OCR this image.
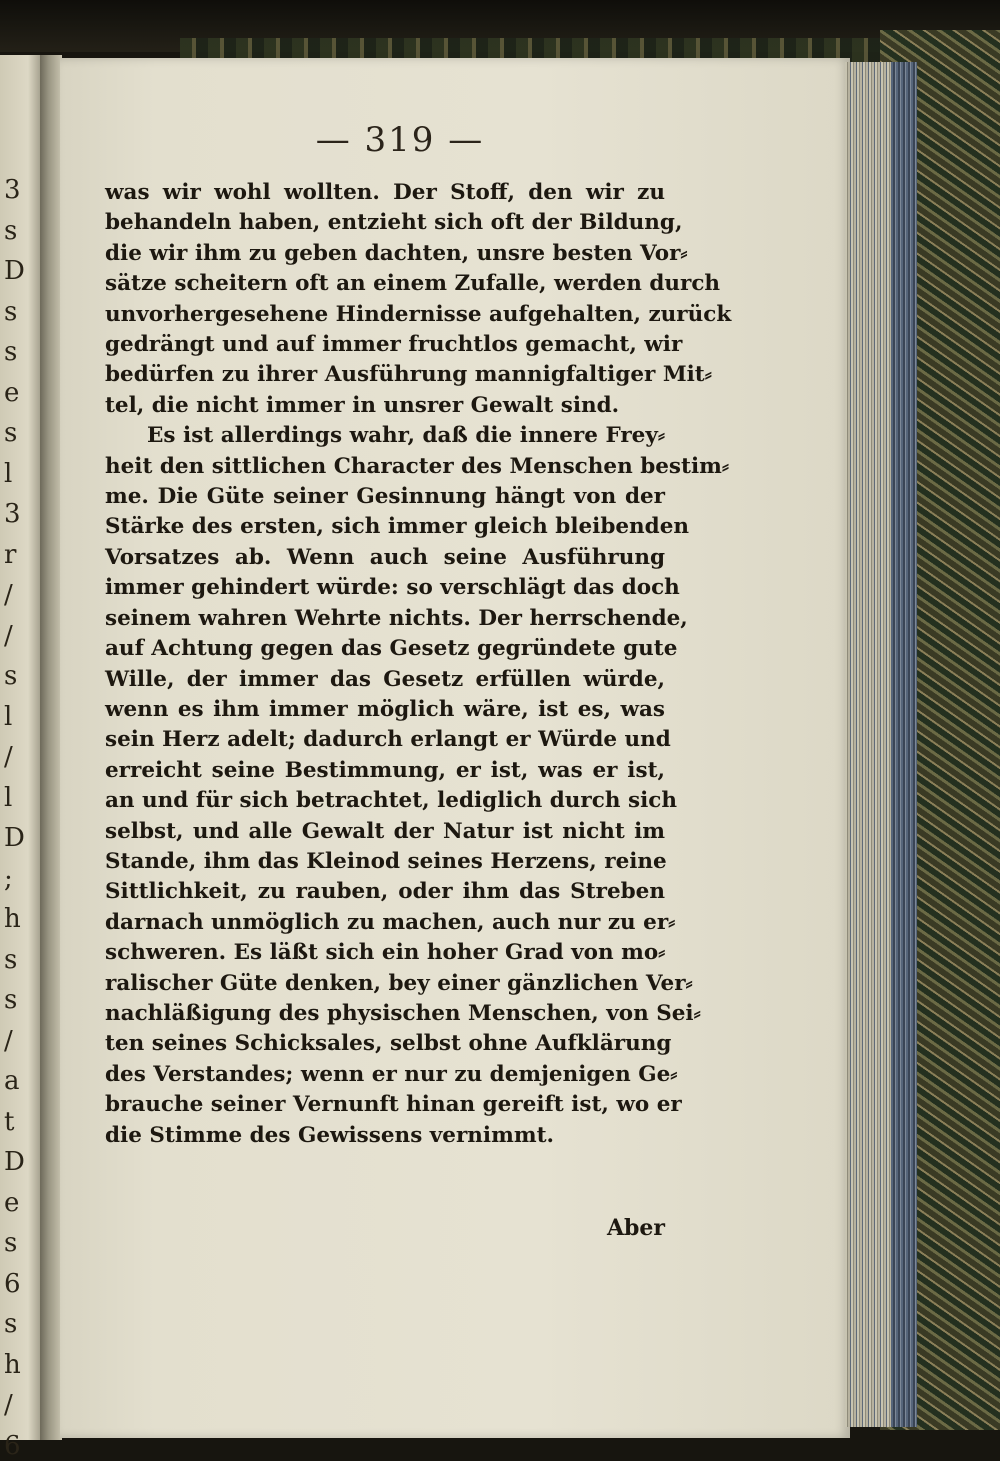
3
s
D
s
s
e
s
l
3
r
/
/
s
l
/
l
D
;
h
s
s
/
a
t
D
e
s
6
s
h
/
6
— 319 —
was wir wohl wollten. Der Stoff, den wir zu
behandeln haben, entzieht sich oft der Bildung,
die wir ihm zu geben dachten, unsre besten Vor⸗
sätze scheitern oft an einem Zufalle, werden durch
unvorhergesehene Hindernisse aufgehalten, zurück
gedrängt und auf immer fruchtlos gemacht, wir
bedürfen zu ihrer Ausführung mannigfaltiger Mit⸗
tel, die nicht immer in unsrer Gewalt sind.
Es ist allerdings wahr, daß die innere Frey⸗
heit den sittlichen Character des Menschen bestim⸗
me. Die Güte seiner Gesinnung hängt von der
Stärke des ersten, sich immer gleich bleibenden
Vorsatzes ab. Wenn auch seine Ausführung
immer gehindert würde: so verschlägt das doch
seinem wahren Wehrte nichts. Der herrschende,
auf Achtung gegen das Gesetz gegründete gute
Wille, der immer das Gesetz erfüllen würde,
wenn es ihm immer möglich wäre, ist es, was
sein Herz adelt; dadurch erlangt er Würde und
erreicht seine Bestimmung, er ist, was er ist,
an und für sich betrachtet, lediglich durch sich
selbst, und alle Gewalt der Natur ist nicht im
Stande, ihm das Kleinod seines Herzens, reine
Sittlichkeit, zu rauben, oder ihm das Streben
darnach unmöglich zu machen, auch nur zu er⸗
schweren. Es läßt sich ein hoher Grad von mo⸗
ralischer Güte denken, bey einer gänzlichen Ver⸗
nachläßigung des physischen Menschen, von Sei⸗
ten seines Schicksales, selbst ohne Aufklärung
des Verstandes; wenn er nur zu demjenigen Ge⸗
brauche seiner Vernunft hinan gereift ist, wo er
die Stimme des Gewissens vernimmt.
Aber
